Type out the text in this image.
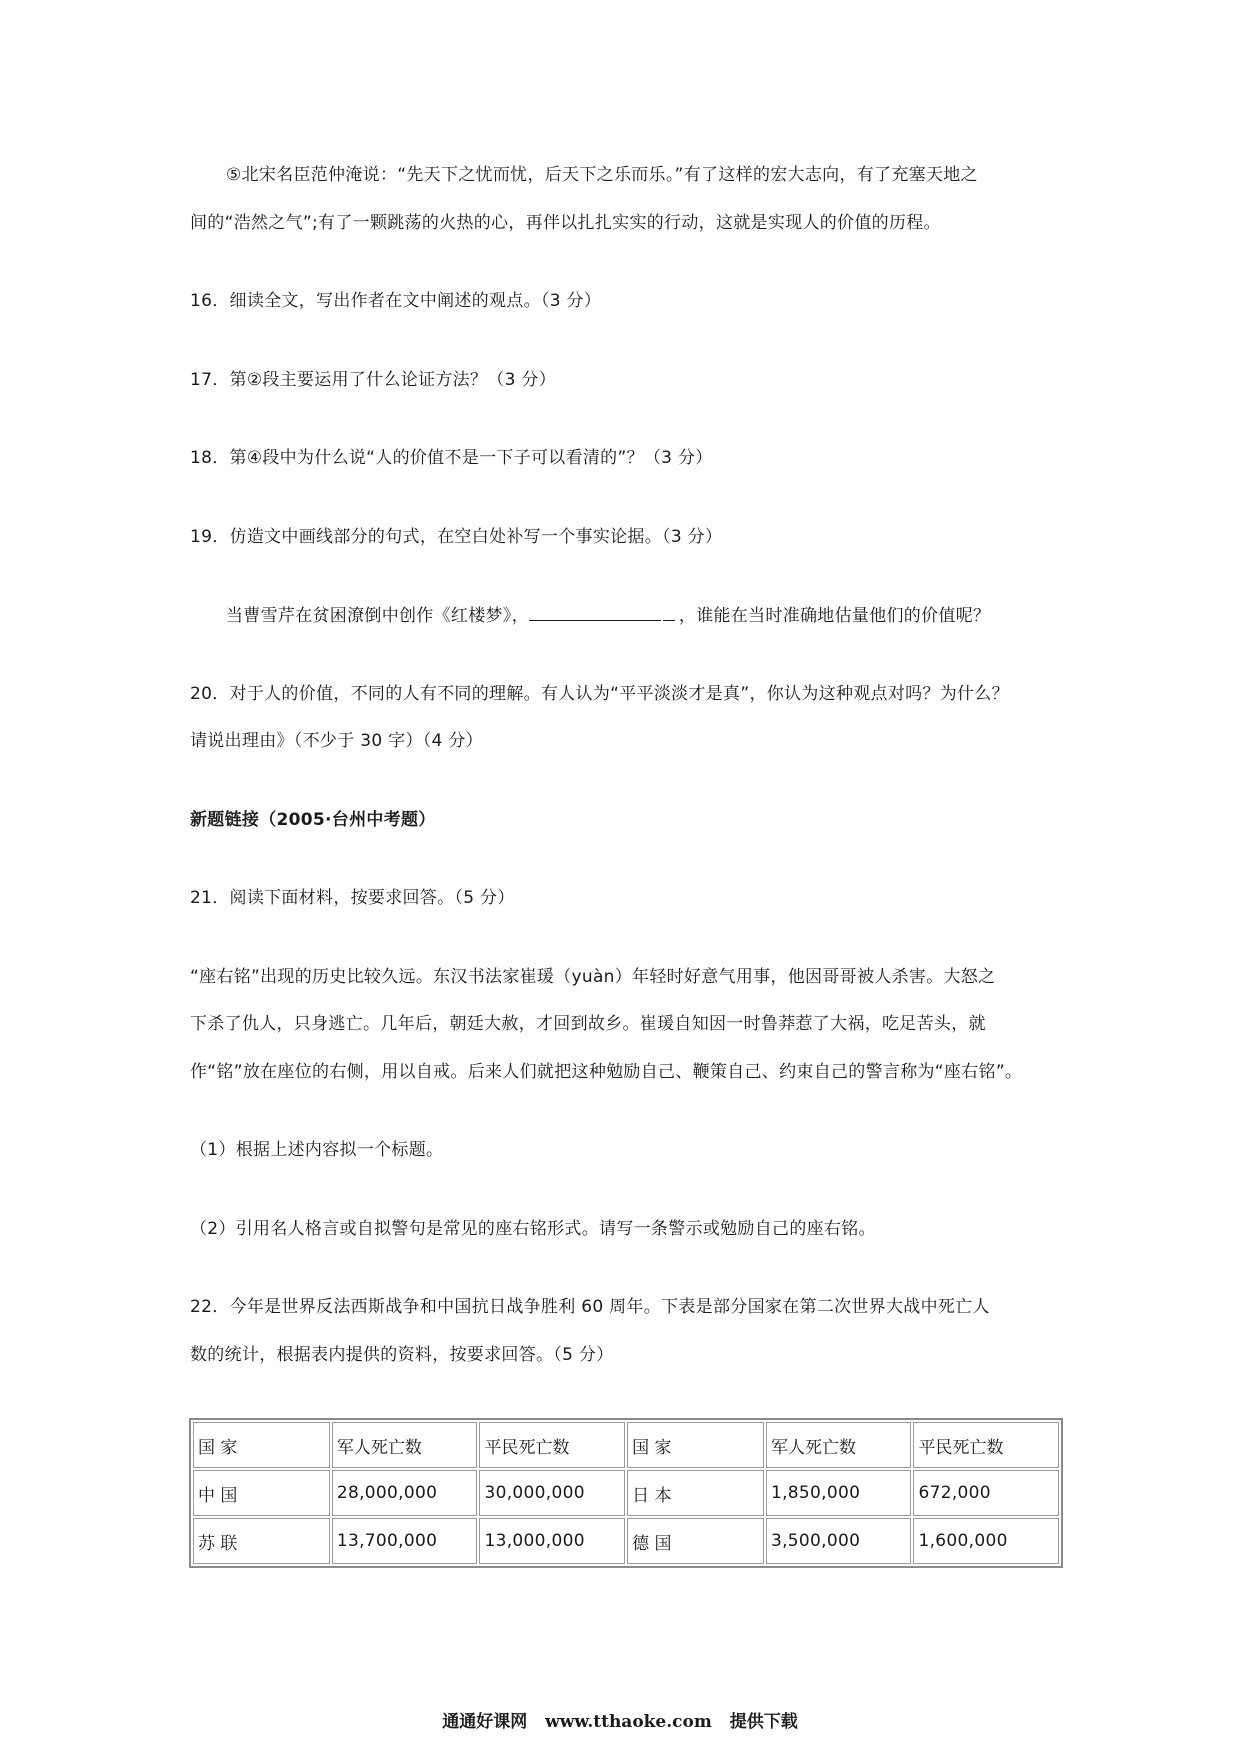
⑤北宋名臣范仲淹说：“先天下之忧而忧，后天下之乐而乐。”有了这样的宏大志向，有了充塞天地之
间的“浩然之气”;有了一颗跳荡的火热的心，再伴以扎扎实实的行动，这就是实现人的价值的历程。
16．细读全文，写出作者在文中阐述的观点。（3 分）
17．第②段主要运用了什么论证方法？（3 分）
18．第④段中为什么说“人的价值不是一下子可以看清的”？（3 分）
19．仿造文中画线部分的句式，在空白处补写一个事实论据。（3 分）
当曹雪芹在贫困潦倒中创作《红楼梦》，	，谁能在当时准确地估量他们的价值呢？
20．对于人的价值，不同的人有不同的理解。有人认为“平平淡淡才是真”，你认为这种观点对吗？为什么？
请说出理由》（不少于 30 字）（4 分）
新题链接（2005·台州中考题）
21．阅读下面材料，按要求回答。（5 分）
“座右铭”出现的历史比较久远。东汉书法家崔瑗（yuàn）年轻时好意气用事，他因哥哥被人杀害。大怒之
下杀了仇人，只身逃亡。几年后，朝廷大赦，才回到故乡。崔瑗自知因一时鲁莽惹了大祸，吃足苦头，就
作“铭”放在座位的右侧，用以自戒。后来人们就把这种勉励自己、鞭策自己、约束自己的警言称为“座右铭”。
（1）根据上述内容拟一个标题。
（2）引用名人格言或自拟警句是常见的座右铭形式。请写一条警示或勉励自己的座右铭。
22．今年是世界反法西斯战争和中国抗日战争胜利 60 周年。下表是部分国家在第二次世界大战中死亡人
数的统计，根据表内提供的资料，按要求回答。（5 分）
国 家	军人死亡数	平民死亡数	国 家	军人死亡数	平民死亡数
中 国	28,000,000	30,000,000	日 本	1,850,000	672,000
苏 联	13,700,000	13,000,000	德 国	3,500,000	1,600,000
通通好课网 www.tthaoke.com 提供下载
